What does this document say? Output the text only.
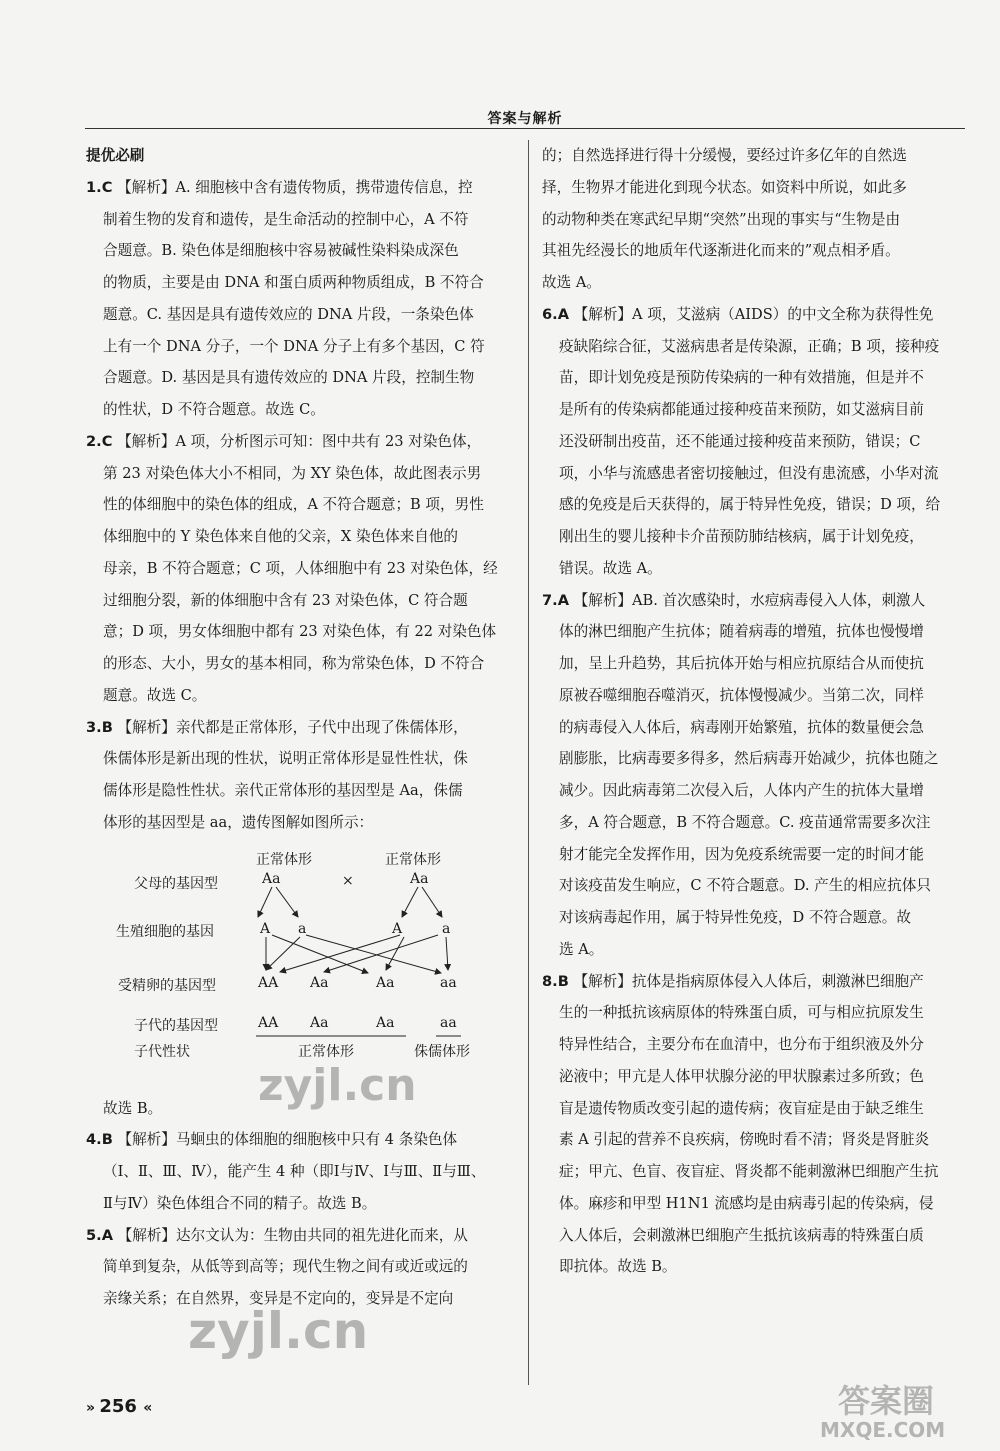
答案与解析
提优必刷
1.C 【解析】A. 细胞核中含有遗传物质，携带遗传信息，控
制着生物的发育和遗传，是生命活动的控制中心，A 不符
合题意。B. 染色体是细胞核中容易被碱性染料染成深色
的物质，主要是由 DNA 和蛋白质两种物质组成，B 不符合
题意。C. 基因是具有遗传效应的 DNA 片段，一条染色体
上有一个 DNA 分子，一个 DNA 分子上有多个基因，C 符
合题意。D. 基因是具有遗传效应的 DNA 片段，控制生物
的性状，D 不符合题意。故选 C。
2.C 【解析】A 项，分析图示可知：图中共有 23 对染色体，
第 23 对染色体大小不相同，为 XY 染色体，故此图表示男
性的体细胞中的染色体的组成，A 不符合题意；B 项，男性
体细胞中的 Y 染色体来自他的父亲，X 染色体来自他的
母亲，B 不符合题意；C 项，人体细胞中有 23 对染色体，经
过细胞分裂，新的体细胞中含有 23 对染色体，C 符合题
意；D 项，男女体细胞中都有 23 对染色体，有 22 对染色体
的形态、大小，男女的基本相同，称为常染色体，D 不符合
题意。故选 C。
3.B 【解析】亲代都是正常体形，子代中出现了侏儒体形，
侏儒体形是新出现的性状，说明正常体形是显性性状，侏
儒体形是隐性性状。亲代正常体形的基因型是 Aa，侏儒
体形的基因型是 aa，遗传图解如图所示：
正常体形	正常体形
父母的基因型	Aa	×	Aa
生殖细胞的基因	A a	A	a
受精卵的基因型	AA Aa	Aa	aa
子代的基因型	AA Aa	Aa	aa
子代性状	正常体形	侏儒体形
故选 B。
4.B 【解析】马蛔虫的体细胞的细胞核中只有 4 条染色体
（Ⅰ、Ⅱ、Ⅲ、Ⅳ），能产生 4 种（即Ⅰ与Ⅳ、Ⅰ与Ⅲ、Ⅱ与Ⅲ、
Ⅱ与Ⅳ）染色体组合不同的精子。故选 B。
5.A 【解析】达尔文认为：生物由共同的祖先进化而来，从
简单到复杂，从低等到高等；现代生物之间有或近或远的
亲缘关系；在自然界，变异是不定向的，变异是不定向
的；自然选择进行得十分缓慢，要经过许多亿年的自然选
择，生物界才能进化到现今状态。如资料中所说，如此多
的动物种类在寒武纪早期“突然”出现的事实与“生物是由
其祖先经漫长的地质年代逐渐进化而来的”观点相矛盾。
故选 A。
6.A 【解析】A 项，艾滋病（AIDS）的中文全称为获得性免
疫缺陷综合征，艾滋病患者是传染源，正确；B 项，接种疫
苗，即计划免疫是预防传染病的一种有效措施，但是并不
是所有的传染病都能通过接种疫苗来预防，如艾滋病目前
还没研制出疫苗，还不能通过接种疫苗来预防，错误；C
项，小华与流感患者密切接触过，但没有患流感，小华对流
感的免疫是后天获得的，属于特异性免疫，错误；D 项，给
刚出生的婴儿接种卡介苗预防肺结核病，属于计划免疫，
错误。故选 A。
7.A 【解析】AB. 首次感染时，水痘病毒侵入人体，刺激人
体的淋巴细胞产生抗体；随着病毒的增殖，抗体也慢慢增
加，呈上升趋势，其后抗体开始与相应抗原结合从而使抗
原被吞噬细胞吞噬消灭，抗体慢慢减少。当第二次，同样
的病毒侵入人体后，病毒刚开始繁殖，抗体的数量便会急
剧膨胀，比病毒要多得多，然后病毒开始减少，抗体也随之
减少。因此病毒第二次侵入后，人体内产生的抗体大量增
多，A 符合题意，B 不符合题意。C. 疫苗通常需要多次注
射才能完全发挥作用，因为免疫系统需要一定的时间才能
对该疫苗发生响应，C 不符合题意。D. 产生的相应抗体只
对该病毒起作用，属于特异性免疫，D 不符合题意。故
选 A。
8.B 【解析】抗体是指病原体侵入人体后，刺激淋巴细胞产
生的一种抵抗该病原体的特殊蛋白质，可与相应抗原发生
特异性结合，主要分布在血清中，也分布于组织液及外分
泌液中；甲亢是人体甲状腺分泌的甲状腺素过多所致；色
盲是遗传物质改变引起的遗传病；夜盲症是由于缺乏维生
素 A 引起的营养不良疾病，傍晚时看不清；肾炎是肾脏炎
症；甲亢、色盲、夜盲症、肾炎都不能刺激淋巴细胞产生抗
体。麻疹和甲型 H1N1 流感均是由病毒引起的传染病，侵
入人体后，会刺激淋巴细胞产生抵抗该病毒的特殊蛋白质
即抗体。故选 B。
» 256 «
zyjl.cn
zyjl.cn
答案圈
MXQE.COM
